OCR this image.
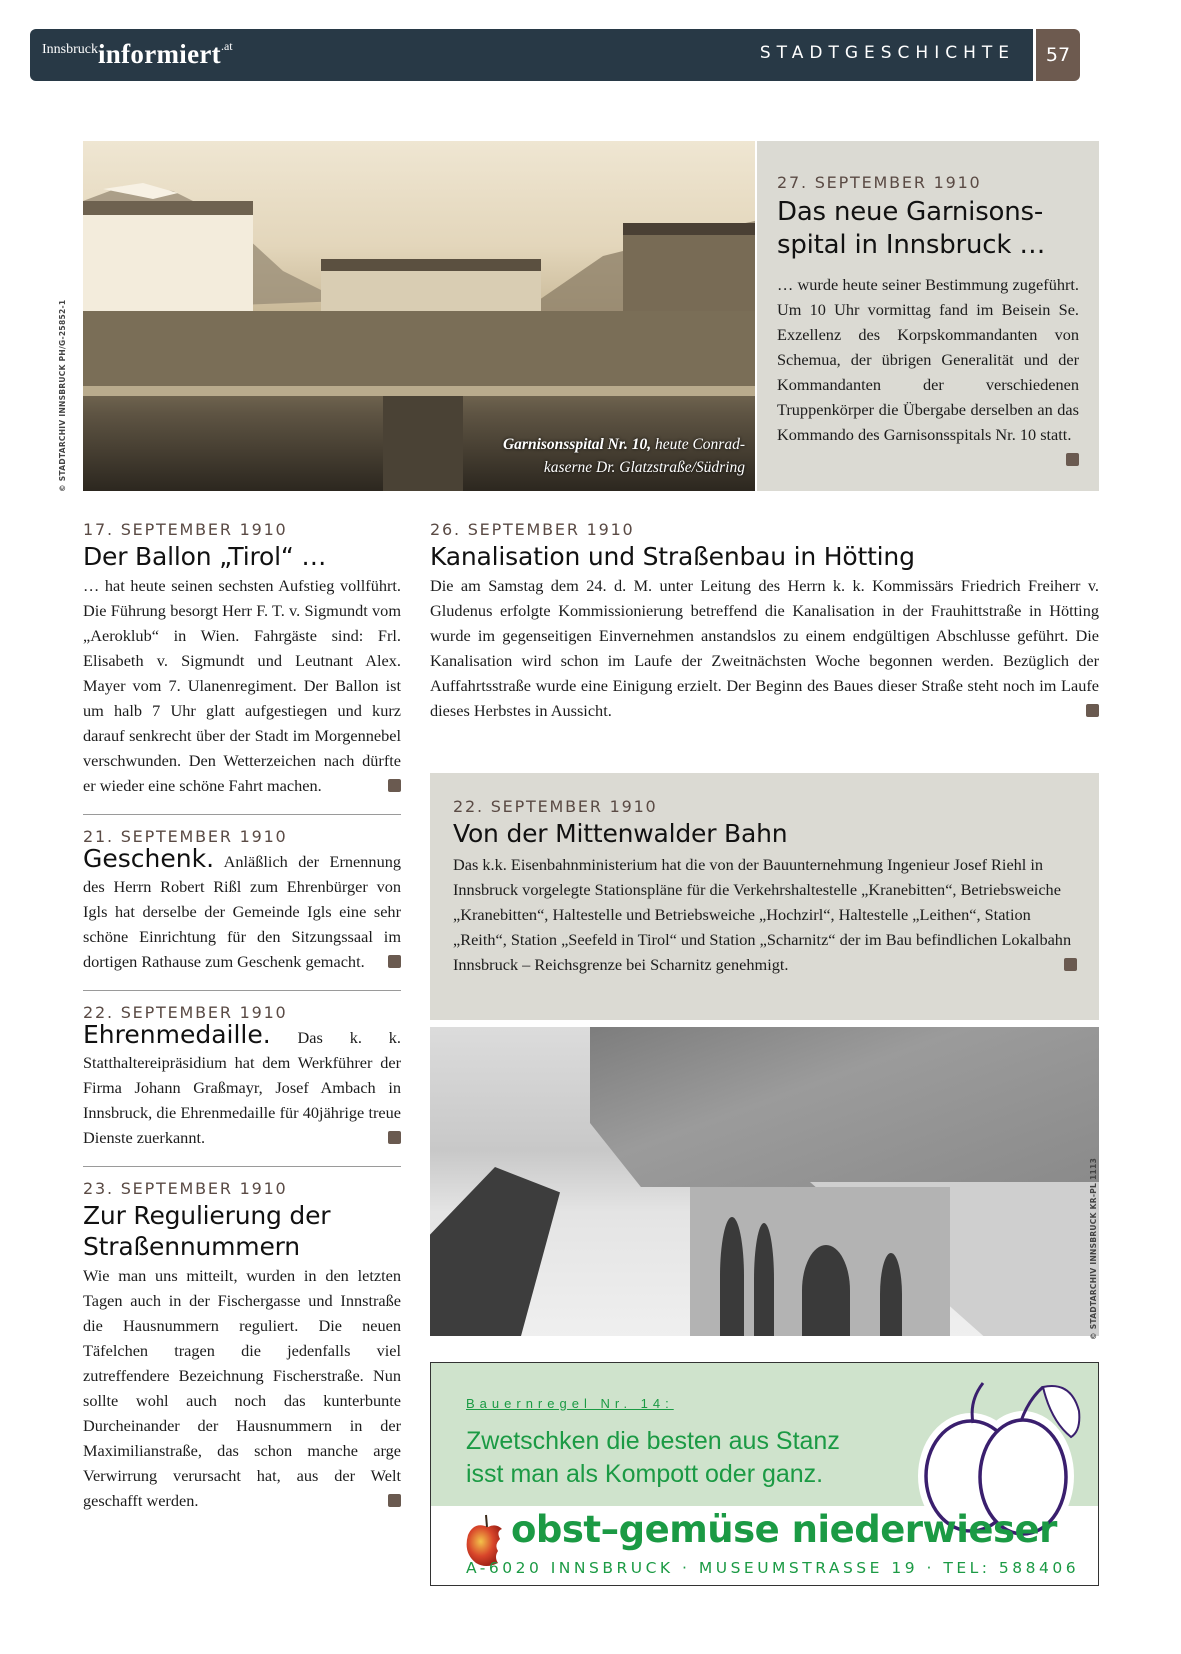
Innsbruckinformiert$^{.at}$	STADTGESCHICHTE	57
Garnisonsspital Nr. 10, heute Conrad-
kaserne Dr. Glatzstraße/Südring
© STADTARCHIV INNSBRUCK PH/G-25852-1
27. SEPTEMBER 1910
Das neue Garnisons-
spital in Innsbruck …

… wurde heute seiner Bestimmung zugeführt. Um 10 Uhr vormittag fand im Beisein Se. Exzellenz des Korpskommandanten von Schemua, der übrigen Generalität und der Kommandanten der verschiedenen Truppenkörper die Übergabe derselben an das Kommando des Garnisonsspitals Nr. 10 statt.

17. SEPTEMBER 1910
Der Ballon „Tirol“ …

… hat heute seinen sechsten Aufstieg vollführt. Die Führung besorgt Herr F. T. v. Sigmundt vom „Aeroklub“ in Wien. Fahrgäste sind: Frl. Elisabeth v. Sigmundt und Leutnant Alex. Mayer vom 7. Ulanenregiment. Der Ballon ist um halb 7 Uhr glatt aufgestiegen und kurz darauf senkrecht über der Stadt im Morgennebel verschwunden. Den Wetterzeichen nach dürfte er wieder eine schöne Fahrt machen.

21. SEPTEMBER 1910

Geschenk. Anläßlich der Ernennung des Herrn Robert Rißl zum Ehrenbürger von Igls hat derselbe der Gemeinde Igls eine sehr schöne Einrichtung für den Sitzungssaal im dortigen Rathause zum Geschenk gemacht.

22. SEPTEMBER 1910

Ehrenmedaille. Das k. k. Statthaltereipräsidium hat dem Werkführer der Firma Johann Graßmayr, Josef Ambach in Innsbruck, die Ehrenmedaille für 40jährige treue Dienste zuerkannt.

23. SEPTEMBER 1910
Zur Regulierung der Straßennummern

Wie man uns mitteilt, wurden in den letzten Tagen auch in der Fischergasse und Innstraße die Hausnummern reguliert. Die neuen Täfelchen tragen die jedenfalls viel zutreffendere Bezeichnung Fischerstraße. Nun sollte wohl auch noch das kunterbunte Durcheinander der Hausnummern in der Maximilianstraße, das schon manche arge Verwirrung verursacht hat, aus der Welt geschafft werden.

26. SEPTEMBER 1910
Kanalisation und Straßenbau in Hötting

Die am Samstag dem 24. d. M. unter Leitung des Herrn k. k. Kommissärs Friedrich Freiherr v. Gludenus erfolgte Kommissionierung betreffend die Kanalisation in der Frauhittstraße in Hötting wurde im gegenseitigen Einvernehmen anstandslos zu einem endgültigen Abschlusse geführt. Die Kanalisation wird schon im Laufe der Zweitnächsten Woche begonnen werden. Bezüglich der Auffahrtsstraße wurde eine Einigung erzielt. Der Beginn des Baues dieser Straße steht noch im Laufe dieses Herbstes in Aussicht.

22. SEPTEMBER 1910
Von der Mittenwalder Bahn

Das k.k. Eisenbahnministerium hat die von der Bauunternehmung Ingenieur Josef Riehl in Innsbruck vorgelegte Stationspläne für die Verkehrshaltestelle „Kranebitten“, Betriebsweiche „Kranebitten“, Haltestelle und Betriebsweiche „Hochzirl“, Haltestelle „Leithen“, Station „Reith“, Station „Seefeld in Tirol“ und Station „Scharnitz“ der im Bau befindlichen Lokalbahn Innsbruck – Reichsgrenze bei Scharnitz genehmigt.

© STADTARCHIV INNSBRUCK KR-PL 1113
Bauernregel Nr. 14:
Zwetschken die besten aus Stanz
isst man als Kompott oder ganz.
obst–gemüse niederwieser
A-6020 INNSBRUCK · MUSEUMSTRASSE 19 · TEL: 588406
